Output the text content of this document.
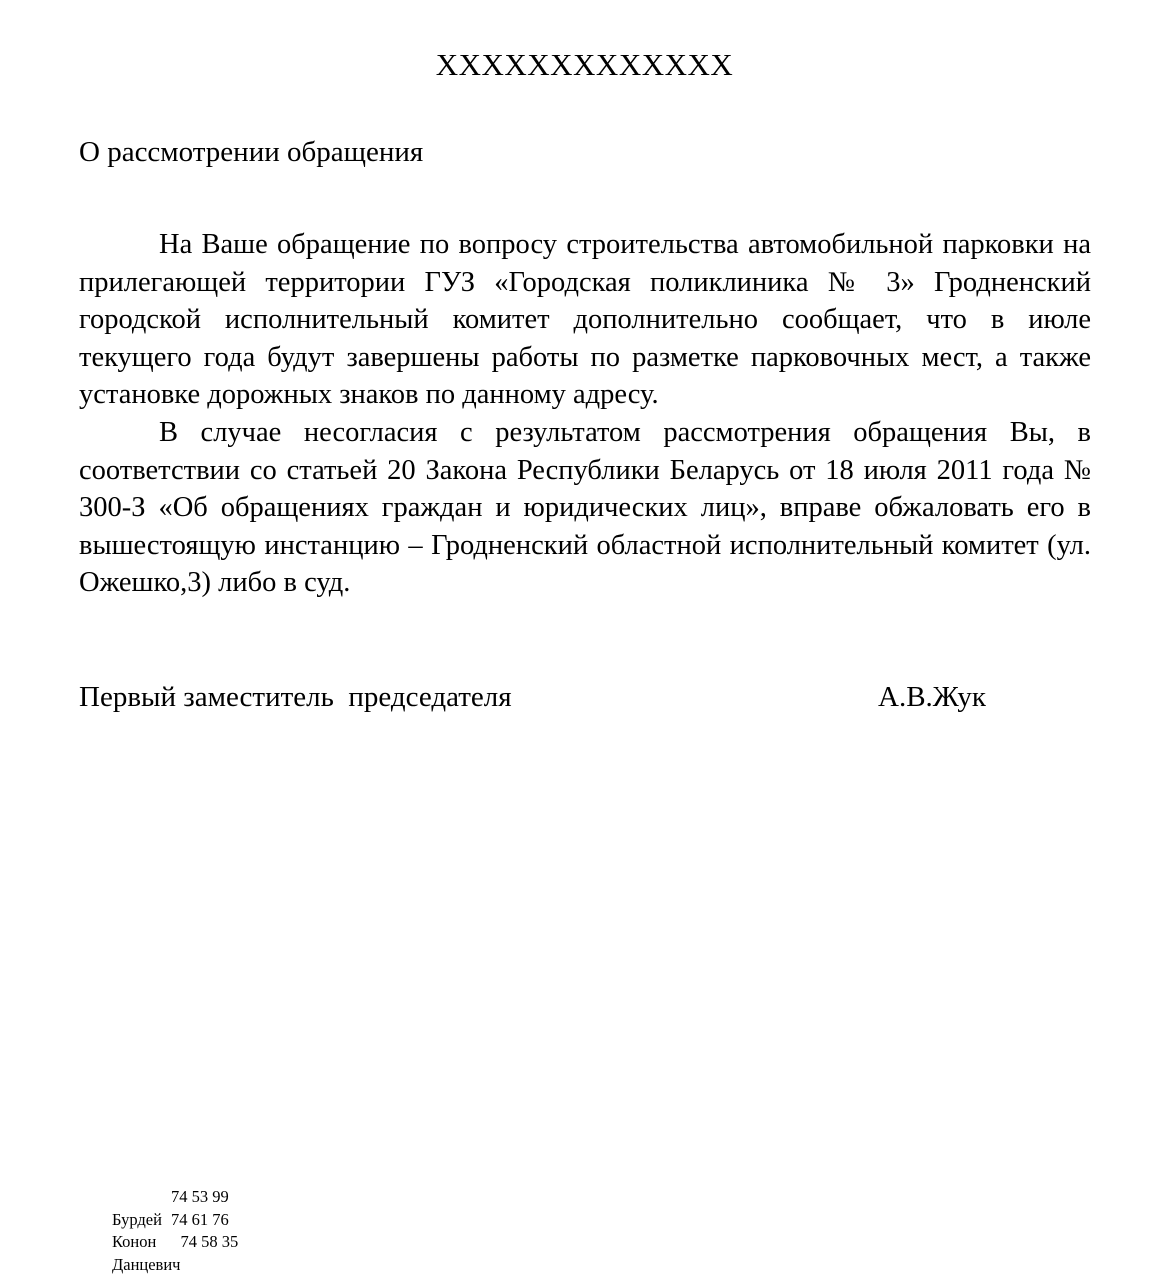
XXXXXXXXXXXXX
О рассмотрении обращения

На Ваше обращение по вопросу строительства автомобильной парковки на прилегающей территории ГУЗ «Городская поликлиника № 3» Гродненский городской исполнительный комитет дополнительно сообщает, что в июле текущего года будут завершены работы по разметке парковочных мест, а также установке дорожных знаков по данному адресу.

В случае несогласия с результатом рассмотрения обращения Вы, в соответствии со статьей 20 Закона Республики Беларусь от 18 июля 2011 года № 300-З «Об обращениях граждан и юридических лиц», вправе обжаловать его в вышестоящую инстанцию – Гродненский областной исполнительный комитет (ул. Ожешко,3) либо в суд.

Первый заместитель  председателя	А.В.Жук

Бурдей

74 53 99

Конон

74 61 76

Данцевич

74 58 35
